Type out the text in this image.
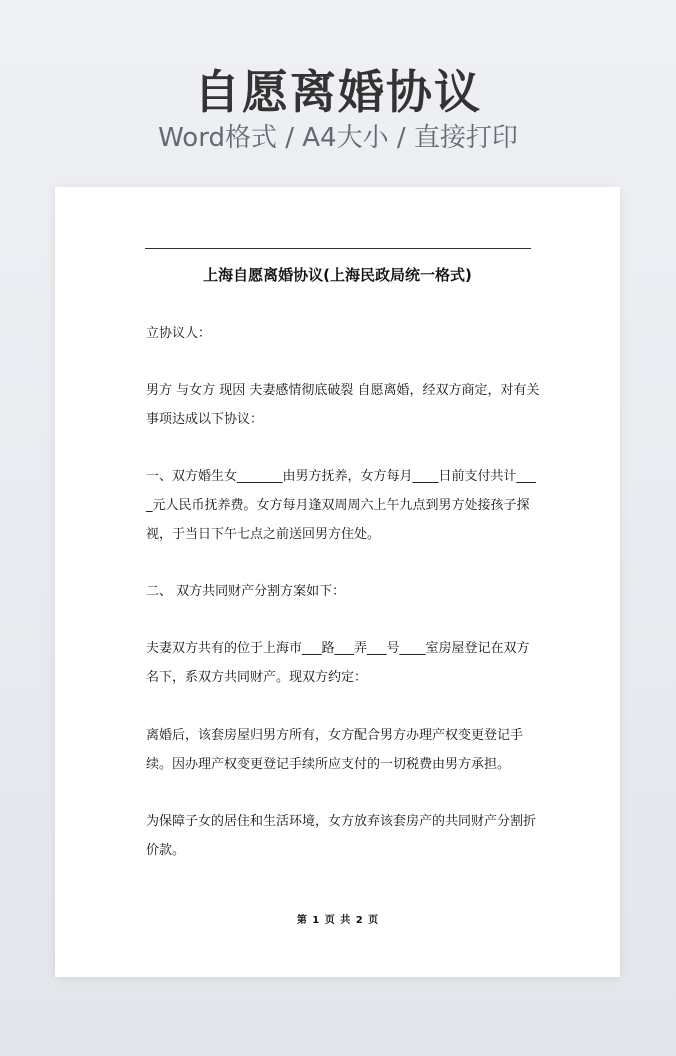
自愿离婚协议
Word格式 / A4大小 / 直接打印
上海自愿离婚协议(上海民政局统一格式)
立协议人：
男方 与女方 现因 夫妻感情彻底破裂 自愿离婚，经双方商定，对有关事项达成以下协议：
一、双方婚生女_______由男方抚养，女方每月____日前支付共计____元人民币抚养费。女方每月逢双周周六上午九点到男方处接孩子探视，于当日下午七点之前送回男方住处。
二、 双方共同财产分割方案如下：
夫妻双方共有的位于上海市___路___弄___号____室房屋登记在双方名下，系双方共同财产。现双方约定：
离婚后，该套房屋归男方所有，女方配合男方办理产权变更登记手续。因办理产权变更登记手续所应支付的一切税费由男方承担。
为保障子女的居住和生活环境，女方放弃该套房产的共同财产分割折价款。
第 1 页 共 2 页
